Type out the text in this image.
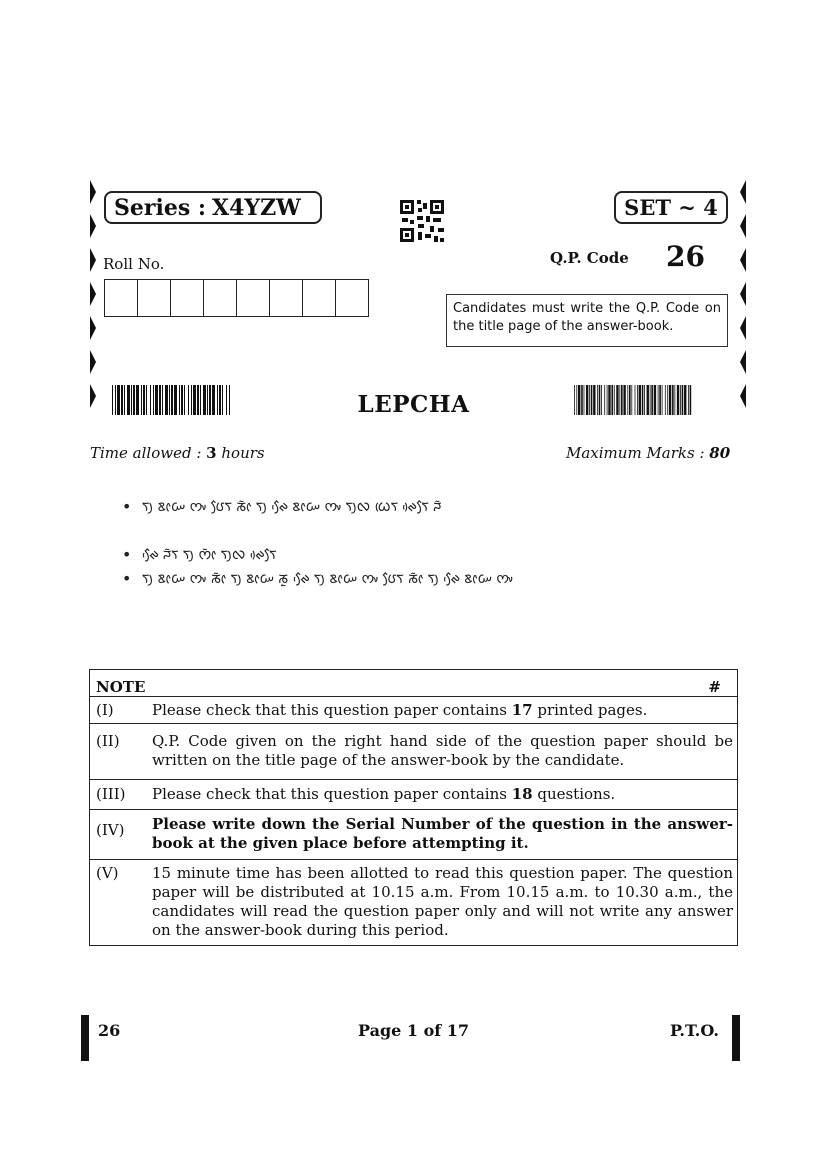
Series : X4YZW	SET ~ 4
Roll No.	Q.P. Code 26
Candidates must write the Q.P. Code on the title page of the answer-book.
LEPCHA
Time allowed : 3 hours	Maximum Marks : 80
• ᰛᰪ ᰣᰦᰠ ᰔᰤ ᰂᰧᰛ ᰕᰦᰶ ᰛᰪ ᰊᰧᰵ ᰣᰦᰠ ᰔᰤ ᰛᰪᰜ ᰃᰨᰛ ᰊᰴᰛᰧ ᰎᰶ
• ᰊᰧᰵ ᰎᰶᰛ ᰛᰪ ᰔᰦᰶ ᰛᰪᰜ ᰊᰴᰛᰧ
• ᰛᰪ ᰣᰦᰠ ᰔᰤ ᰕᰦᰶ ᰛᰪ ᰣᰦᰠ ᰕᰬ ᰊᰧᰵ ᰛᰪ ᰣᰦᰠ ᰔᰤ ᰂᰧᰛ ᰕᰦᰶ ᰛᰪ ᰊᰧᰵ ᰣᰦᰠ ᰔᰤ
NOTE	#
(I)	Please check that this question paper contains 17 printed pages.
(II)	Q.P. Code given on the right hand side of the question paper should be written on the title page of the answer-book by the candidate.
(III)	Please check that this question paper contains 18 questions.
(IV)	Please write down the Serial Number of the question in the answer-book at the given place before attempting it.
(V)	15 minute time has been allotted to read this question paper. The question paper will be distributed at 10.15 a.m. From 10.15 a.m. to 10.30 a.m., the candidates will read the question paper only and will not write any answer on the answer-book during this period.
26	Page 1 of 17	P.T.O.
